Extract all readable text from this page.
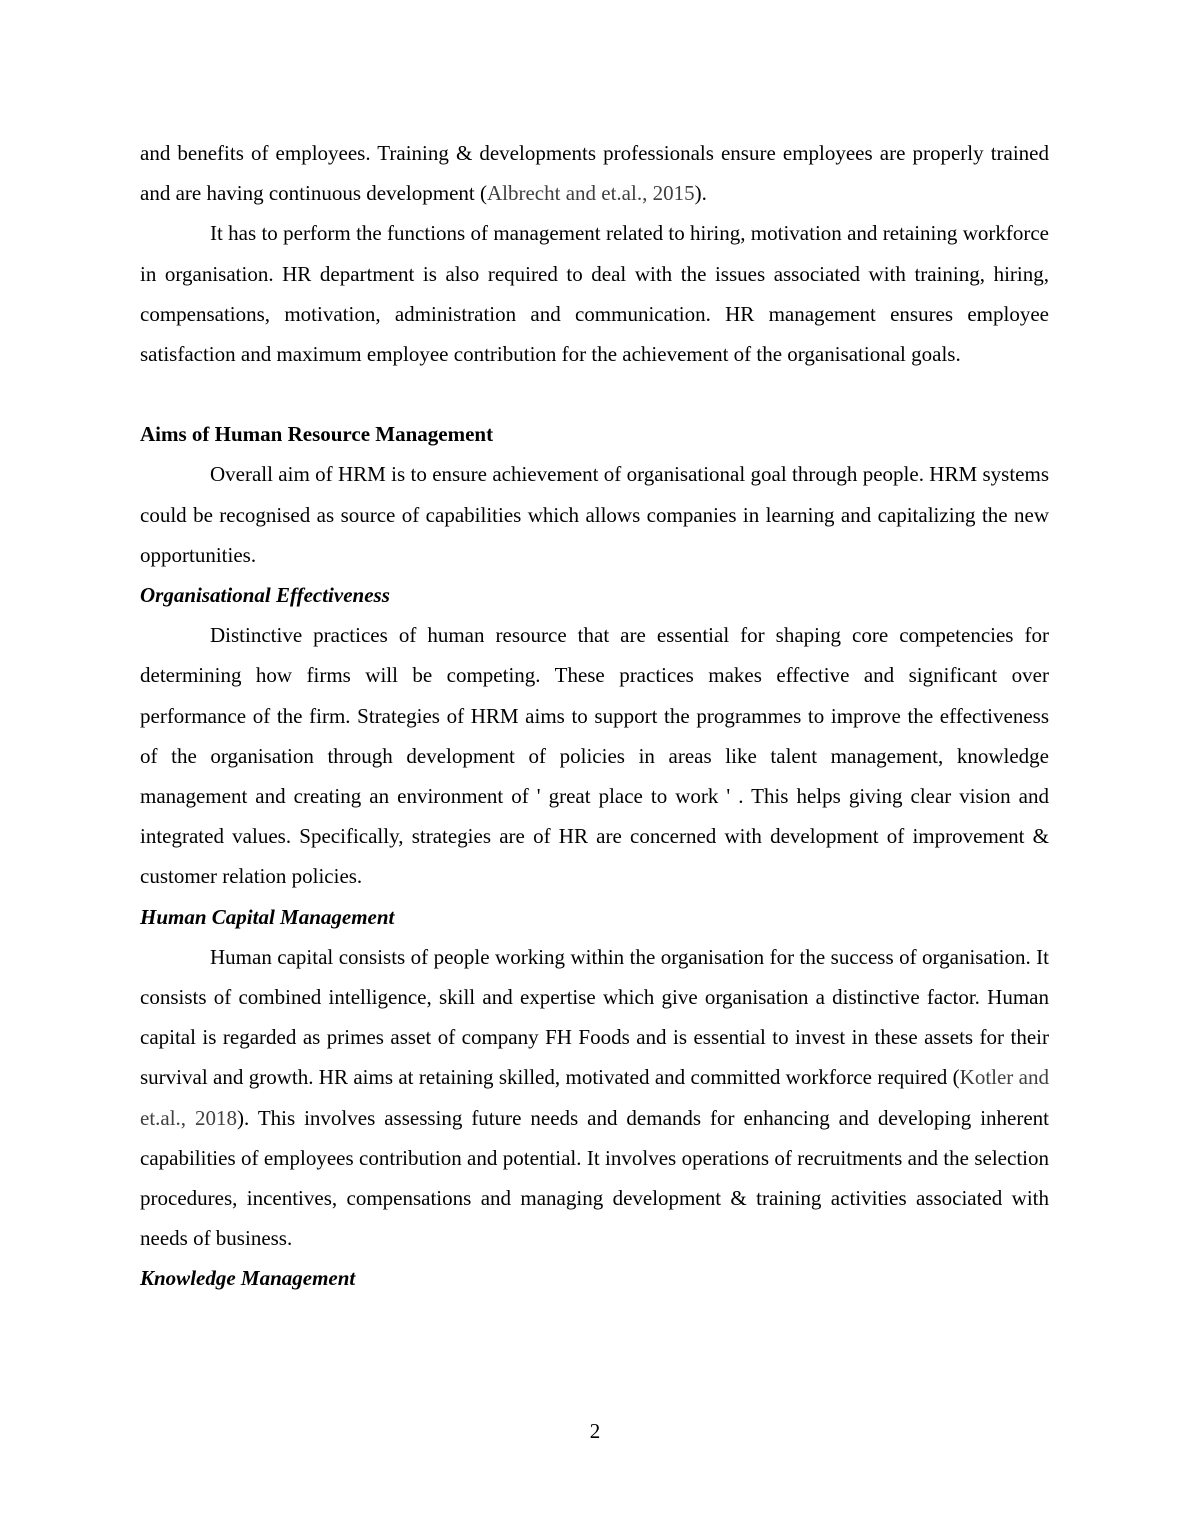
and benefits of employees. Training & developments professionals ensure employees are properly trained and are having continuous development (Albrecht and et.al., 2015).

It has to perform the functions of management related to hiring, motivation and retaining workforce in organisation. HR department is also required to deal with the issues associated with training, hiring, compensations, motivation, administration and communication. HR management ensures employee satisfaction and maximum employee contribution for the achievement of the organisational goals.

Aims of Human Resource Management

Overall aim of HRM is to ensure achievement of organisational goal through people. HRM systems could be recognised as source of capabilities which allows companies in learning and capitalizing the new opportunities.

Organisational Effectiveness

Distinctive practices of human resource that are essential for shaping core competencies for determining how firms will be competing. These practices makes effective and significant over performance of the firm. Strategies of HRM aims to support the programmes to improve the effectiveness of the organisation through development of policies in areas like talent management, knowledge management and creating an environment of ' great place to work ' . This helps giving clear vision and integrated values. Specifically, strategies are of HR are concerned with development of improvement & customer relation policies.

Human Capital Management

Human capital consists of people working within the organisation for the success of organisation. It consists of combined intelligence, skill and expertise which give organisation a distinctive factor. Human capital is regarded as primes asset of company FH Foods and is essential to invest in these assets for their survival and growth. HR aims at retaining skilled, motivated and committed workforce required (Kotler and et.al., 2018). This involves assessing future needs and demands for enhancing and developing inherent capabilities of employees contribution and potential. It involves operations of recruitments and the selection procedures, incentives, compensations and managing development & training activities associated with needs of business.

Knowledge Management

2
